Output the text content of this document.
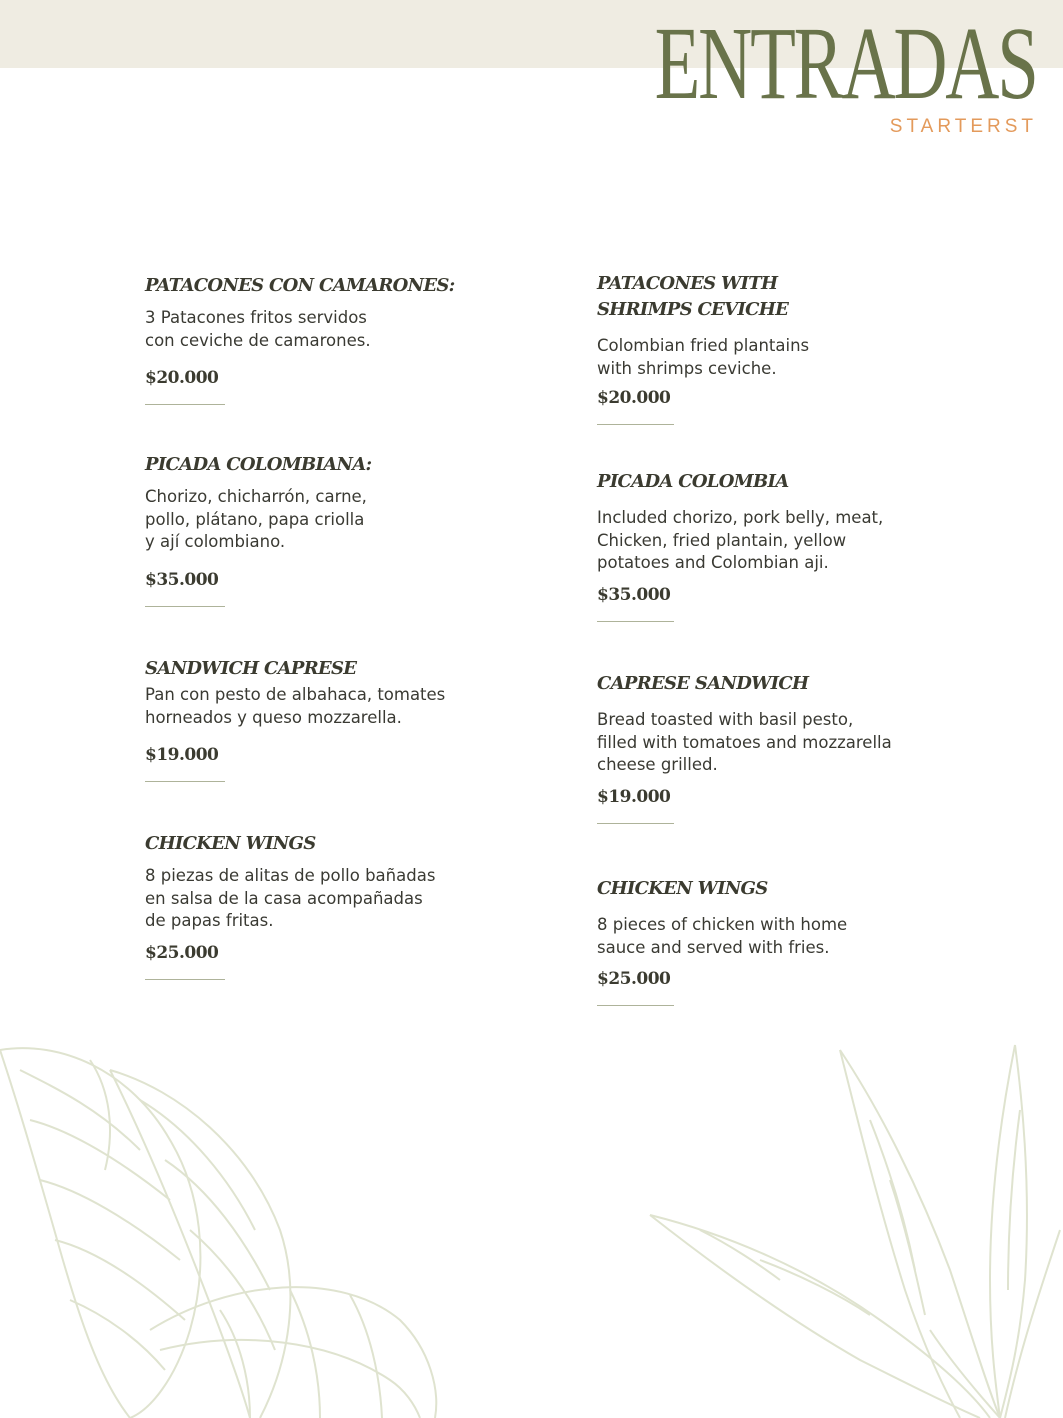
ENTRADAS
STARTERST
PATACONES CON CAMARONES:
3 Patacones fritos servidos
con ceviche de camarones.
$20.000
PICADA COLOMBIANA:
Chorizo, chicharrón, carne,
pollo, plátano, papa criolla
y ají colombiano.
$35.000
SANDWICH CAPRESE
Pan con pesto de albahaca, tomates
horneados y queso mozzarella.
$19.000
CHICKEN WINGS
8 piezas de alitas de pollo bañadas
en salsa de la casa acompañadas
de papas fritas.
$25.000
PATACONES WITH
SHRIMPS CEVICHE
Colombian fried plantains
with shrimps ceviche.
$20.000
PICADA COLOMBIA
Included chorizo, pork belly, meat,
Chicken, fried plantain, yellow
potatoes and Colombian aji.
$35.000
CAPRESE SANDWICH
Bread toasted with basil pesto,
filled with tomatoes and mozzarella
cheese grilled.
$19.000
CHICKEN WINGS
8 pieces of chicken with home
sauce and served with fries.
$25.000
